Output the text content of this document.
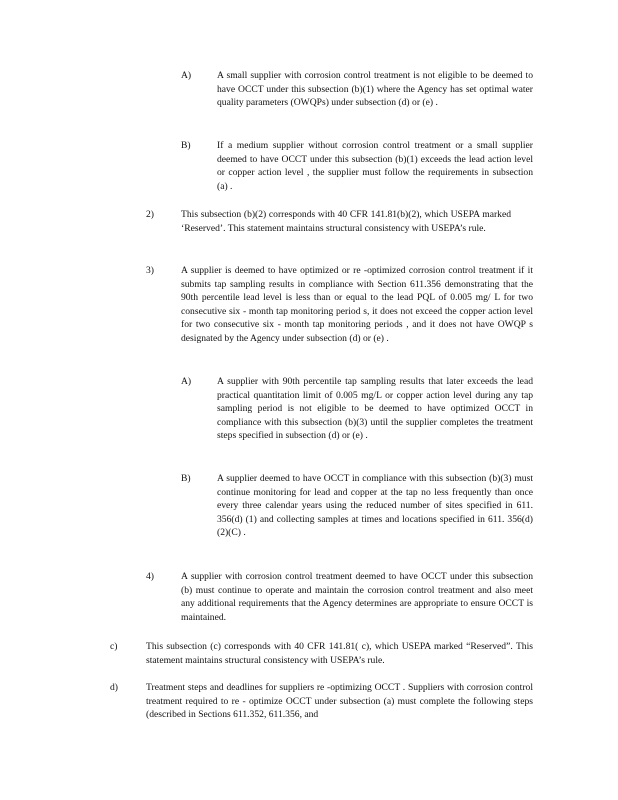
A)	A small supplier with corrosion control treatment is not eligible to be deemed to have OCCT under this subsection (b)(1) where the Agency has set optimal water quality parameters (OWQPs) under subsection (d) or (e) .
B)	If a medium supplier without corrosion control treatment or a small supplier deemed to have OCCT under this subsection (b)(1) exceeds the lead action level or copper action level , the supplier must follow the requirements in subsection (a) .
2)	This subsection (b)(2) corresponds with 40 CFR 141.81(b)(2), which USEPA marked ‘Reserved’. This statement maintains structural consistency with USEPA’s rule.
3)	A supplier is deemed to have optimized or re -optimized corrosion control treatment if it submits tap sampling results in compliance with Section 611.356 demonstrating that the 90th percentile lead level is less than or equal to the lead PQL of 0.005 mg/ L for two consecutive six - month tap monitoring period s, it does not exceed the copper action level for two consecutive six - month tap monitoring periods , and it does not have OWQP s designated by the Agency under subsection (d) or (e) .
A)	A supplier with 90th percentile tap sampling results that later exceeds the lead practical quantitation limit of 0.005 mg/L or copper action level during any tap sampling period is not eligible to be deemed to have optimized OCCT in compliance with this subsection (b)(3) until the supplier completes the treatment steps specified in subsection (d) or (e) .
B)	A supplier deemed to have OCCT in compliance with this subsection (b)(3) must continue monitoring for lead and copper at the tap no less frequently than once every three calendar years using the reduced number of sites specified in 611. 356(d) (1) and collecting samples at times and locations specified in 611. 356(d)(2)(C) .
4)	A supplier with corrosion control treatment deemed to have OCCT under this subsection (b) must continue to operate and maintain the corrosion control treatment and also meet any additional requirements that the Agency determines are appropriate to ensure OCCT is maintained.
c)	This subsection (c) corresponds with 40 CFR 141.81( c), which USEPA marked “Reserved”. This statement maintains structural consistency with USEPA’s rule.
d)	Treatment steps and deadlines for suppliers re -optimizing OCCT . Suppliers with corrosion control treatment required to re - optimize OCCT under subsection (a) must complete the following steps (described in Sections 611.352, 611.356, and
